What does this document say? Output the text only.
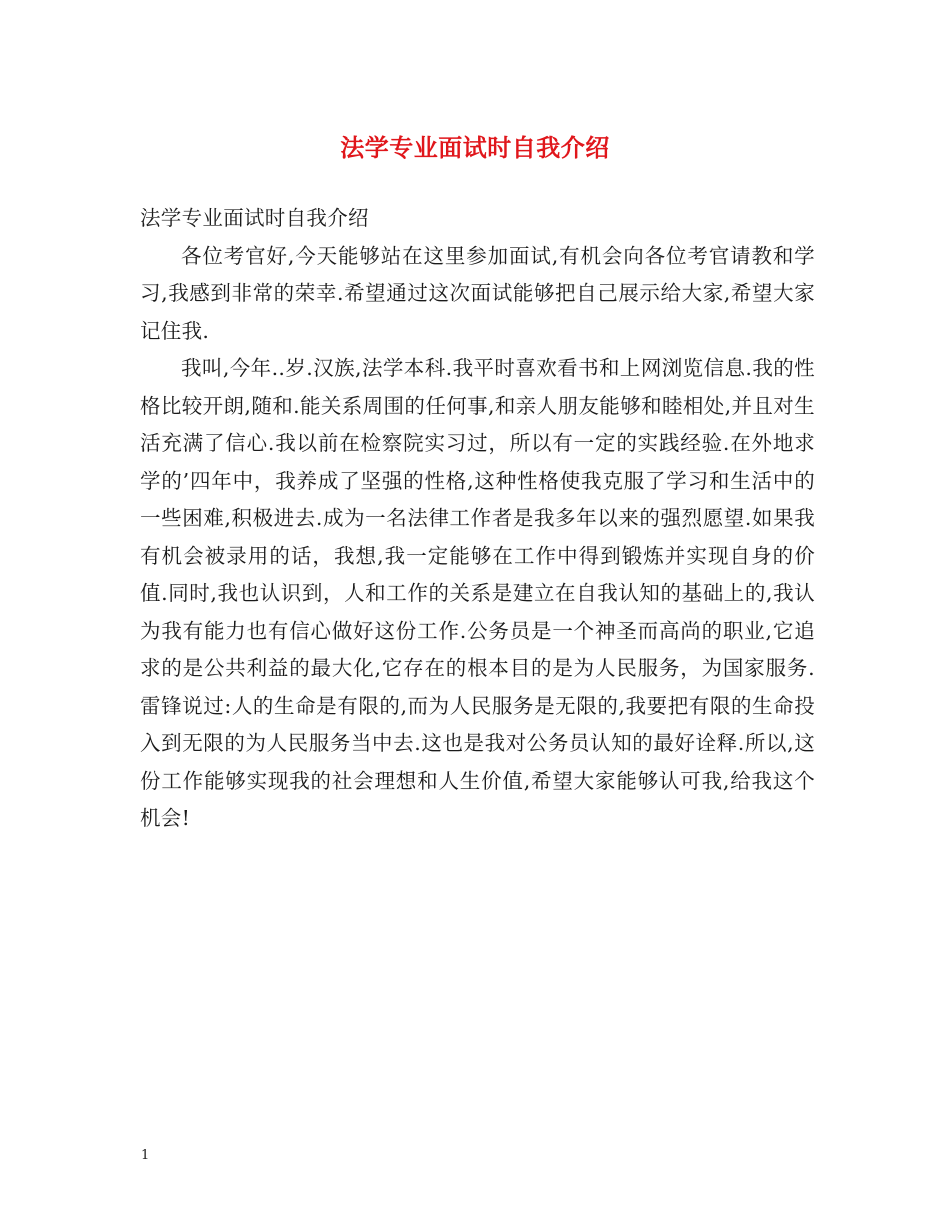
法学专业面试时自我介绍

法学专业面试时自我介绍

各位考官好,今天能够站在这里参加面试,有机会向各位考官请教和学习,我感到非常的荣幸.希望通过这次面试能够把自己展示给大家,希望大家记住我.

我叫,今年..岁.汉族,法学本科.我平时喜欢看书和上网浏览信息.我的性格比较开朗,随和.能关系周围的任何事,和亲人朋友能够和睦相处,并且对生活充满了信心.我以前在检察院实习过，所以有一定的实践经验.在外地求学的’四年中，我养成了坚强的性格,这种性格使我克服了学习和生活中的一些困难,积极进去.成为一名法律工作者是我多年以来的强烈愿望.如果我有机会被录用的话，我想,我一定能够在工作中得到锻炼并实现自身的价值.同时,我也认识到，人和工作的关系是建立在自我认知的基础上的,我认为我有能力也有信心做好这份工作.公务员是一个神圣而高尚的职业,它追求的是公共利益的最大化,它存在的根本目的是为人民服务，为国家服务.雷锋说过:人的生命是有限的,而为人民服务是无限的,我要把有限的生命投入到无限的为人民服务当中去.这也是我对公务员认知的最好诠释.所以,这份工作能够实现我的社会理想和人生价值,希望大家能够认可我,给我这个机会!

1
